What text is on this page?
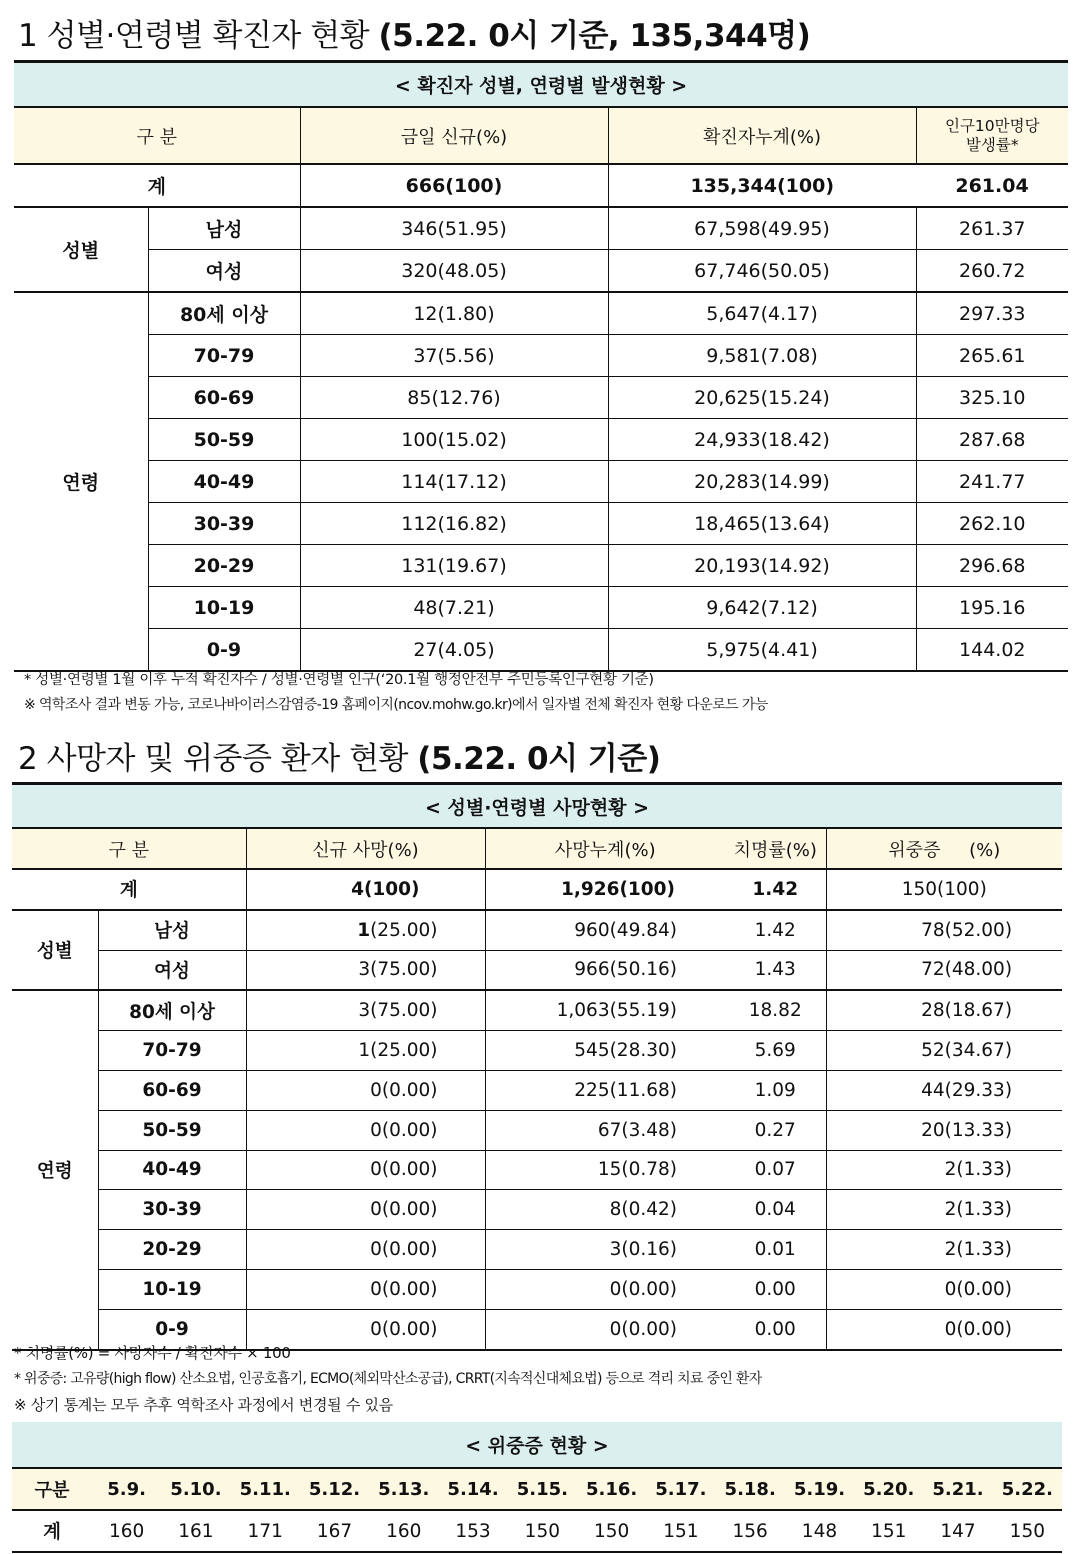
1 성별·연령별 확진자 현황 (5.22. 0시 기준, 135,344명)
< 확진자 성별, 연령별 발생현황 >				
구 분		금일 신규(%)	확진자누계(%)	인구10만명당
발생률*
계		666(100)	135,344(100)	261.04
성별	남성	346(51.95)	67,598(49.95)	261.37
	여성	320(48.05)	67,746(50.05)	260.72
연령	80세 이상	12(1.80)	5,647(4.17)	297.33
	70-79	37(5.56)	9,581(7.08)	265.61
	60-69	85(12.76)	20,625(15.24)	325.10
	50-59	100(15.02)	24,933(18.42)	287.68
	40-49	114(17.12)	20,283(14.99)	241.77
	30-39	112(16.82)	18,465(13.64)	262.10
	20-29	131(19.67)	20,193(14.92)	296.68
	10-19	48(7.21)	9,642(7.12)	195.16
	0-9	27(4.05)	5,975(4.41)	144.02
* 성별·연령별 1월 이후 누적 확진자수 / 성별·연령별 인구(‘20.1월 행정안전부 주민등록인구현황 기준)
※ 역학조사 결과 변동 가능, 코로나바이러스감염증-19 홈페이지(ncov.mohw.go.kr)에서 일자별 전체 확진자 현황 다운로드 가능
2 사망자 및 위중증 환자 현황 (5.22. 0시 기준)
< 성별·연령별 사망현황 >					
구 분		신규 사망(%)	사망누계(%)	치명률(%)	위중증     (%)
계		4(100)	1,926(100)	1.42	150(100)
성별	남성	1(25.00)	960(49.84)	1.42	78(52.00)
	여성	3(75.00)	966(50.16)	1.43	72(48.00)
연령	80세 이상	3(75.00)	1,063(55.19)	18.82	28(18.67)
	70-79	1(25.00)	545(28.30)	5.69	52(34.67)
	60-69	0(0.00)	225(11.68)	1.09	44(29.33)
	50-59	0(0.00)	67(3.48)	0.27	20(13.33)
	40-49	0(0.00)	15(0.78)	0.07	2(1.33)
	30-39	0(0.00)	8(0.42)	0.04	2(1.33)
	20-29	0(0.00)	3(0.16)	0.01	2(1.33)
	10-19	0(0.00)	0(0.00)	0.00	0(0.00)
	0-9	0(0.00)	0(0.00)	0.00	0(0.00)
* 치명률(%) = 사망자수 / 확진자수 × 100
* 위중증: 고유량(high flow) 산소요법, 인공호흡기, ECMO(체외막산소공급), CRRT(지속적신대체요법) 등으로 격리 치료 중인 환자
※ 상기 통계는 모두 추후 역학조사 과정에서 변경될 수 있음
< 위중증 현황 >														
구분	5.9.	5.10.	5.11.	5.12.	5.13.	5.14.	5.15.	5.16.	5.17.	5.18.	5.19.	5.20.	5.21.	5.22.
계	160	161	171	167	160	153	150	150	151	156	148	151	147	150
